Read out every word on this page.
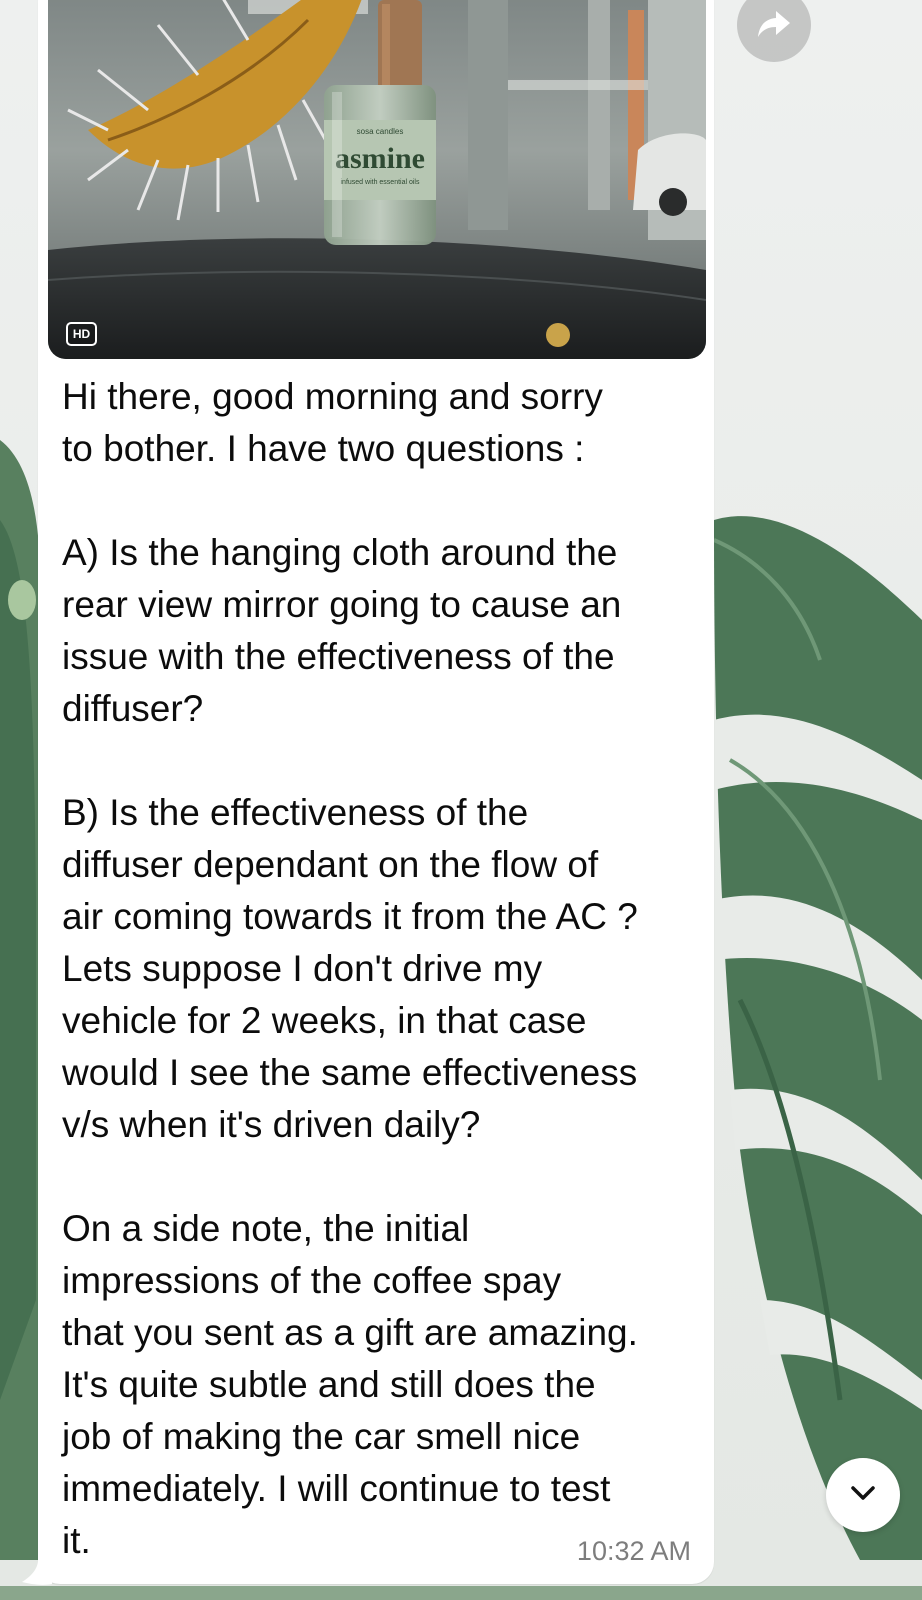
sosa candles
asmine
infused with essential oils
HD

Hi there, good morning and sorry
to bother. I have two questions :

A) Is the hanging cloth around the
rear view mirror going to cause an
issue with the effectiveness of the
diffuser?

B) Is the effectiveness of the
diffuser dependant on the flow of
air coming towards it from the AC ?
Lets suppose I don't drive my
vehicle for 2 weeks, in that case
would I see the same effectiveness
v/s when it's driven daily?

On a side note, the initial
impressions of the coffee spay
that you sent as a gift are amazing.
It's quite subtle and still does the
job of making the car smell nice
immediately. I will continue to test
it.	10:32 AM
